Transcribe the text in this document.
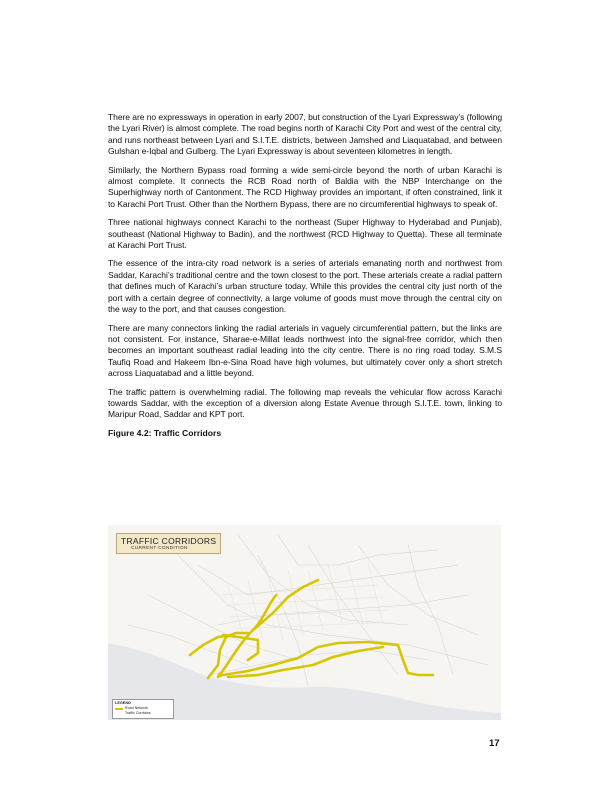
There are no expressways in operation in early 2007, but construction of the Lyari Expressway’s (following the Lyari River) is almost complete. The road begins north of Karachi City Port and west of the central city, and runs northeast between Lyari and S.I.T.E. districts, between Jamshed and Liaquatabad, and between Gulshan e-Iqbal and Gulberg. The Lyari Expressway is about seventeen kilometres in length.

Similarly, the Northern Bypass road forming a wide semi-circle beyond the north of urban Karachi is almost complete. It connects the RCB Road north of Baldia with the NBP Interchange on the Superhighway north of Cantonment. The RCD Highway provides an important, if often constrained, link it to Karachi Port Trust. Other than the Northern Bypass, there are no circumferential highways to speak of.

Three national highways connect Karachi to the northeast (Super Highway to Hyderabad and Punjab), southeast (National Highway to Badin), and the northwest (RCD Highway to Quetta). These all terminate at Karachi Port Trust.

The essence of the intra-city road network is a series of arterials emanating north and northwest from Saddar, Karachi’s traditional centre and the town closest to the port. These arterials create a radial pattern that defines much of Karachi’s urban structure today. While this provides the central city just north of the port with a certain degree of connectivity, a large volume of goods must move through the central city on the way to the port, and that causes congestion.

There are many connectors linking the radial arterials in vaguely circumferential pattern, but the links are not consistent. For instance, Sharae-e-Millat leads northwest into the signal-free corridor, which then becomes an important southeast radial leading into the city centre. There is no ring road today. S.M.S Taufiq Road and Hakeem Ibn-e-Sina Road have high volumes, but ultimately cover only a short stretch across Liaquatabad and a little beyond.

The traffic pattern is overwhelming radial. The following map reveals the vehicular flow across Karachi towards Saddar, with the exception of a diversion along Estate Avenue through S.I.T.E. town, linking to Maripur Road, Saddar and KPT port.

Figure 4.2: Traffic Corridors

TRAFFIC CORRIDORS
CURRENT CONDITION
LEGEND
Road Network
Traffic Corridors
17
